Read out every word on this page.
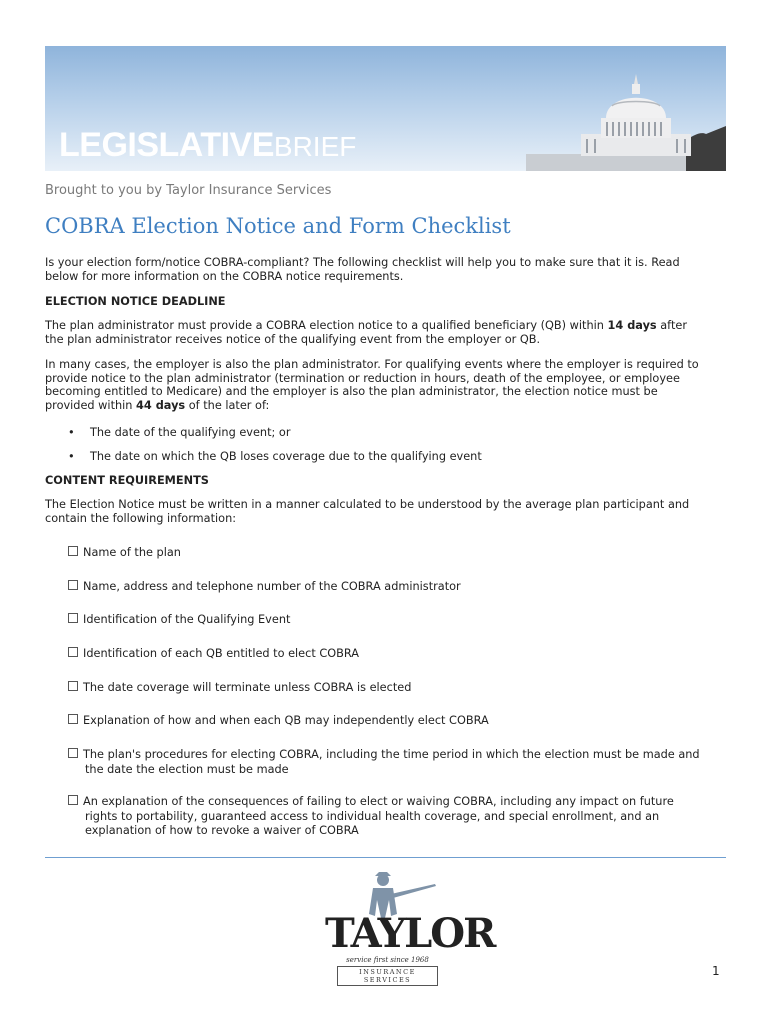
LEGISLATIVEBRIEF
Brought to you by Taylor Insurance Services
COBRA Election Notice and Form Checklist

Is your election form/notice COBRA-compliant? The following checklist will help you to make sure that it is. Read
below for more information on the COBRA notice requirements.

ELECTION NOTICE DEADLINE

The plan administrator must provide a COBRA election notice to a qualified beneficiary (QB) within 14 days after
the plan administrator receives notice of the qualifying event from the employer or QB.

In many cases, the employer is also the plan administrator. For qualifying events where the employer is required to
provide notice to the plan administrator (termination or reduction in hours, death of the employee, or employee
becoming entitled to Medicare) and the employer is also the plan administrator, the election notice must be
provided within 44 days of the later of:

• The date of the qualifying event; or
• The date on which the QB loses coverage due to the qualifying event
CONTENT REQUIREMENTS

The Election Notice must be written in a manner calculated to be understood by the average plan participant and
contain the following information:

Name of the plan
Name, address and telephone number of the COBRA administrator
Identification of the Qualifying Event
Identification of each QB entitled to elect COBRA
The date coverage will terminate unless COBRA is elected
Explanation of how and when each QB may independently elect COBRA
The plan's procedures for electing COBRA, including the time period in which the election must be made and
the date the election must be made
An explanation of the consequences of failing to elect or waiving COBRA, including any impact on future
rights to portability, guaranteed access to individual health coverage, and special enrollment, and an
explanation of how to revoke a waiver of COBRA
TAYLOR
service first since 1968
INSURANCE SERVICES
1
